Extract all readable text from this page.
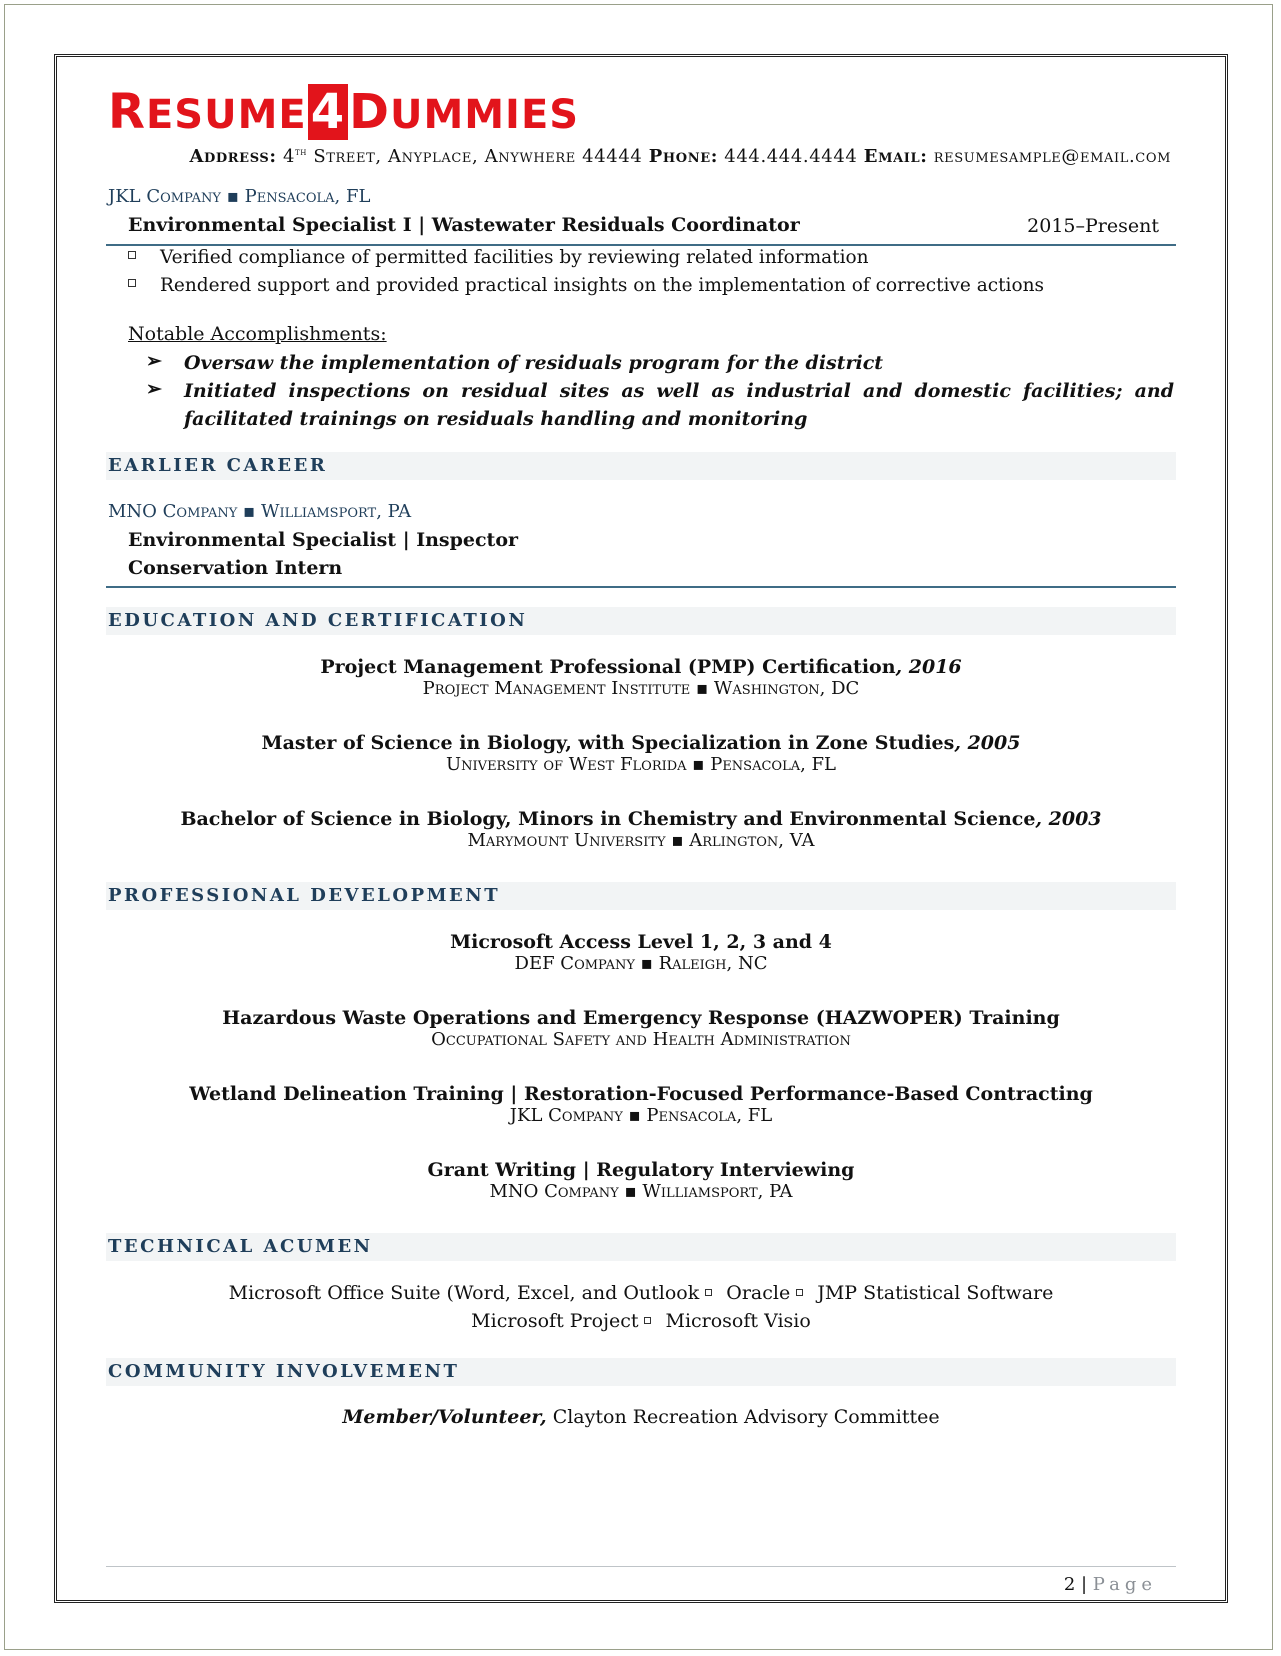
RESUME4DUMMIES
Address: 4th Street, Anyplace, Anywhere 44444 Phone: 444.444.4444 Email: resumesample@email.com
JKL Company ▪ Pensacola, FL
Environmental Specialist I | Wastewater Residuals Coordinator	2015–Present
Verified compliance of permitted facilities by reviewing related information
Rendered support and provided practical insights on the implementation of corrective actions
Notable Accomplishments:
➢ Oversaw the implementation of residuals program for the district
➢ Initiated inspections on residual sites as well as industrial and domestic facilities; and facilitated trainings on residuals handling and monitoring
EARLIER CAREER
MNO Company ▪ Williamsport, PA
Environmental Specialist | Inspector
Conservation Intern
EDUCATION AND CERTIFICATION
Project Management Professional (PMP) Certification, 2016
Project Management Institute ▪ Washington, DC
Master of Science in Biology, with Specialization in Zone Studies, 2005
University of West Florida ▪ Pensacola, FL
Bachelor of Science in Biology, Minors in Chemistry and Environmental Science, 2003
Marymount University ▪ Arlington, VA
PROFESSIONAL DEVELOPMENT
Microsoft Access Level 1, 2, 3 and 4
DEF Company ▪ Raleigh, NC
Hazardous Waste Operations and Emergency Response (HAZWOPER) Training
Occupational Safety and Health Administration
Wetland Delineation Training | Restoration-Focused Performance-Based Contracting
JKL Company ▪ Pensacola, FL
Grant Writing | Regulatory Interviewing
MNO Company ▪ Williamsport, PA
TECHNICAL ACUMEN
Microsoft Office Suite (Word, Excel, and Outlook Oracle JMP Statistical Software
Microsoft Project Microsoft Visio
COMMUNITY INVOLVEMENT
Member/Volunteer, Clayton Recreation Advisory Committee
2 | Page
